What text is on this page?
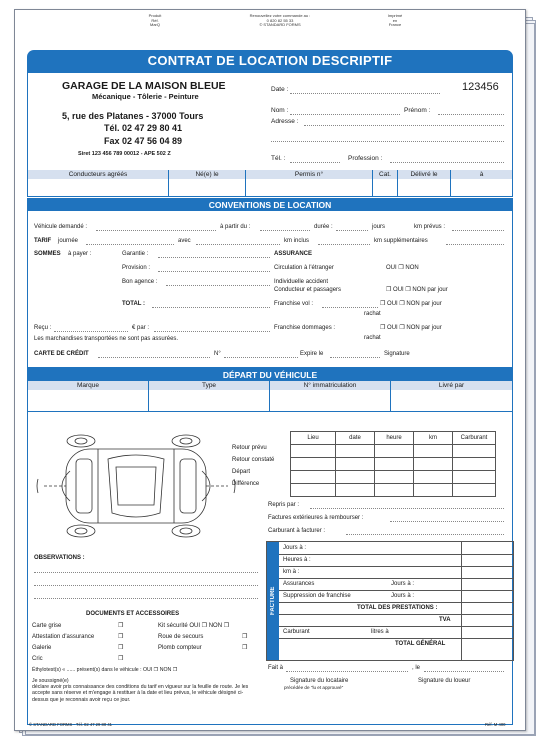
Produit
Réf.
MarQ
Renouvellez votre commande au :
0 820 82 55 33
© STANDARD FORMS
Imprimé
en
France
CONTRAT DE LOCATION DESCRIPTIF
GARAGE DE LA MAISON BLEUE
Mécanique - Tôlerie - Peinture
5, rue des Platanes - 37000 Tours
Tél. 02 47 29 80 41
Fax 02 47 56 04 89
Siret 123 456 789 00012 - APE 502 Z
Date :	123456
Nom :	Prénom :
Adresse :
Tél. :	Profession :
Conducteurs agréés	Né(e) le	Permis n°	Cat.	Délivré le	à
CONVENTIONS DE LOCATION
Véhicule demandé :	à partir du :	durée :	jours	km prévus :
TARIF journée	avec	km inclus	km supplémentaires
SOMMES à payer :	Garantie :	ASSURANCE
Provision :	Circulation à l'étranger	OUI ❐ NON
Bon agence :	Individuelle accident
Conducteur et passagers	❐ OUI ❐ NON par jour
TOTAL :	Franchise vol :	❐ OUI ❐ NON par jour
rachat
Reçu :	€ par :	Franchise dommages :	❐ OUI ❐ NON par jour
rachat
Les marchandises transportées ne sont pas assurées.
CARTE DE CRÉDIT	N°	Expire le	Signature
DÉPART DU VÉHICULE
Marque	Type	N° immatriculation	Livré par
Retour prévu
Retour constaté
Départ
Différence
Lieu	date	heure	km	Carburant

Repris par :
Factures extérieures à rembourser :
Carburant à facturer :
OBSERVATIONS :
DOCUMENTS ET ACCESSOIRES
Carte grise	❐
Attestation d'assurance	❐
Galerie	❐
Cric	❐
Kit sécurité OUI ❐ NON ❐
Roue de secours	❐
Plomb compteur	❐
Éthylotest(s) « ...... présent(s) dans le véhicule : OUI ❐ NON ❐
Je soussigné(e)
déclare avoir pris connaissance des conditions du tarif en vigueur sur la feuille de route. Je les accepte sans réserve et m'engage à restituer à la date et lieu prévus, le véhicule désigné ci-dessus que je reconnais avoir reçu ce jour.
FACTURE
Jours à :
Heures à :
km à :
Assurances	Jours à :
Suppression de franchise	Jours à :
TOTAL DES PRESTATIONS :
TVA
Carburant	litres à
TOTAL GÉNÉRAL
Fait à	, le
Signature du locataire
précédée de "lu et approuvé"
Signature du loueur
© STANDARD FORMS - Tél. 02 47 29 80 41	Réf. M 400
